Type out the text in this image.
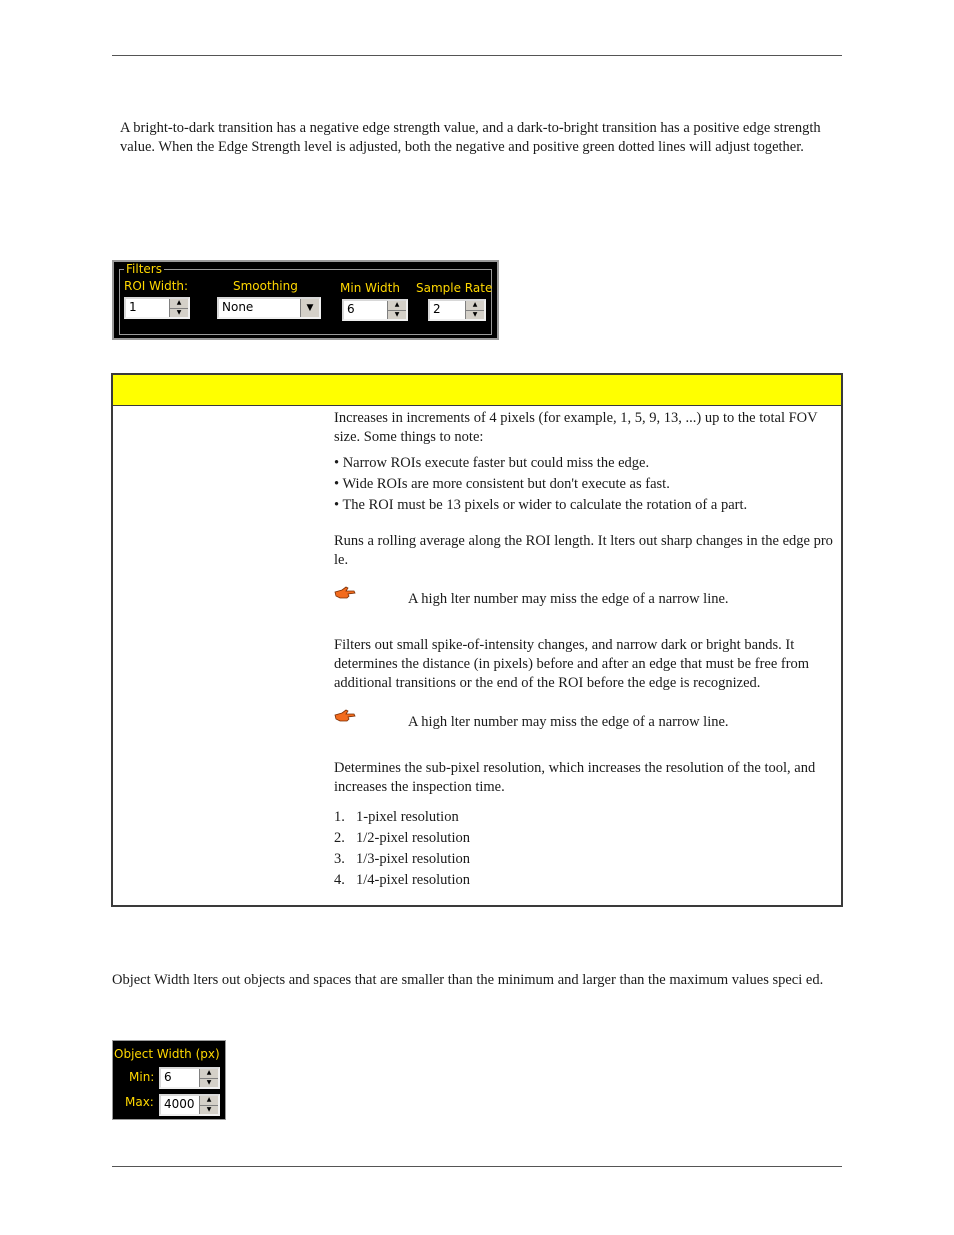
A bright-to-dark transition has a negative edge strength value, and a dark-to-bright transition has a positive edge strength value. When the Edge Strength level is adjusted, both the negative and positive green dotted lines will adjust together.

Filters
ROI Width:
1	▲
▼
Smoothing
None	▼
Min Width
6	▲
▼
Sample Rate
2	▲
▼

Increases in increments of 4 pixels (for example, 1, 5, 9, 13, ...) up to the total FOV size. Some things to note:

• Narrow ROIs execute faster but could miss the edge.
• Wide ROIs are more consistent but don't execute as fast.
• The ROI must be 13 pixels or wider to calculate the rotation of a part.

Runs a rolling average along the ROI length. It lters out sharp changes in the edge pro le.

A high lter number may miss the edge of a narrow line.

Filters out small spike-of-intensity changes, and narrow dark or bright bands. It determines the distance (in pixels) before and after an edge that must be free from additional transitions or the end of the ROI before the edge is recognized.

A high lter number may miss the edge of a narrow line.

Determines the sub-pixel resolution, which increases the resolution of the tool, and increases the inspection time.

1. 1-pixel resolution
2. 1/2-pixel resolution
3. 1/3-pixel resolution
4. 1/4-pixel resolution

Object Width lters out objects and spaces that are smaller than the minimum and larger than the maximum values speci ed.

Object Width (px)
Min: 6	▲
▼
Max: 4000	▲
▼
